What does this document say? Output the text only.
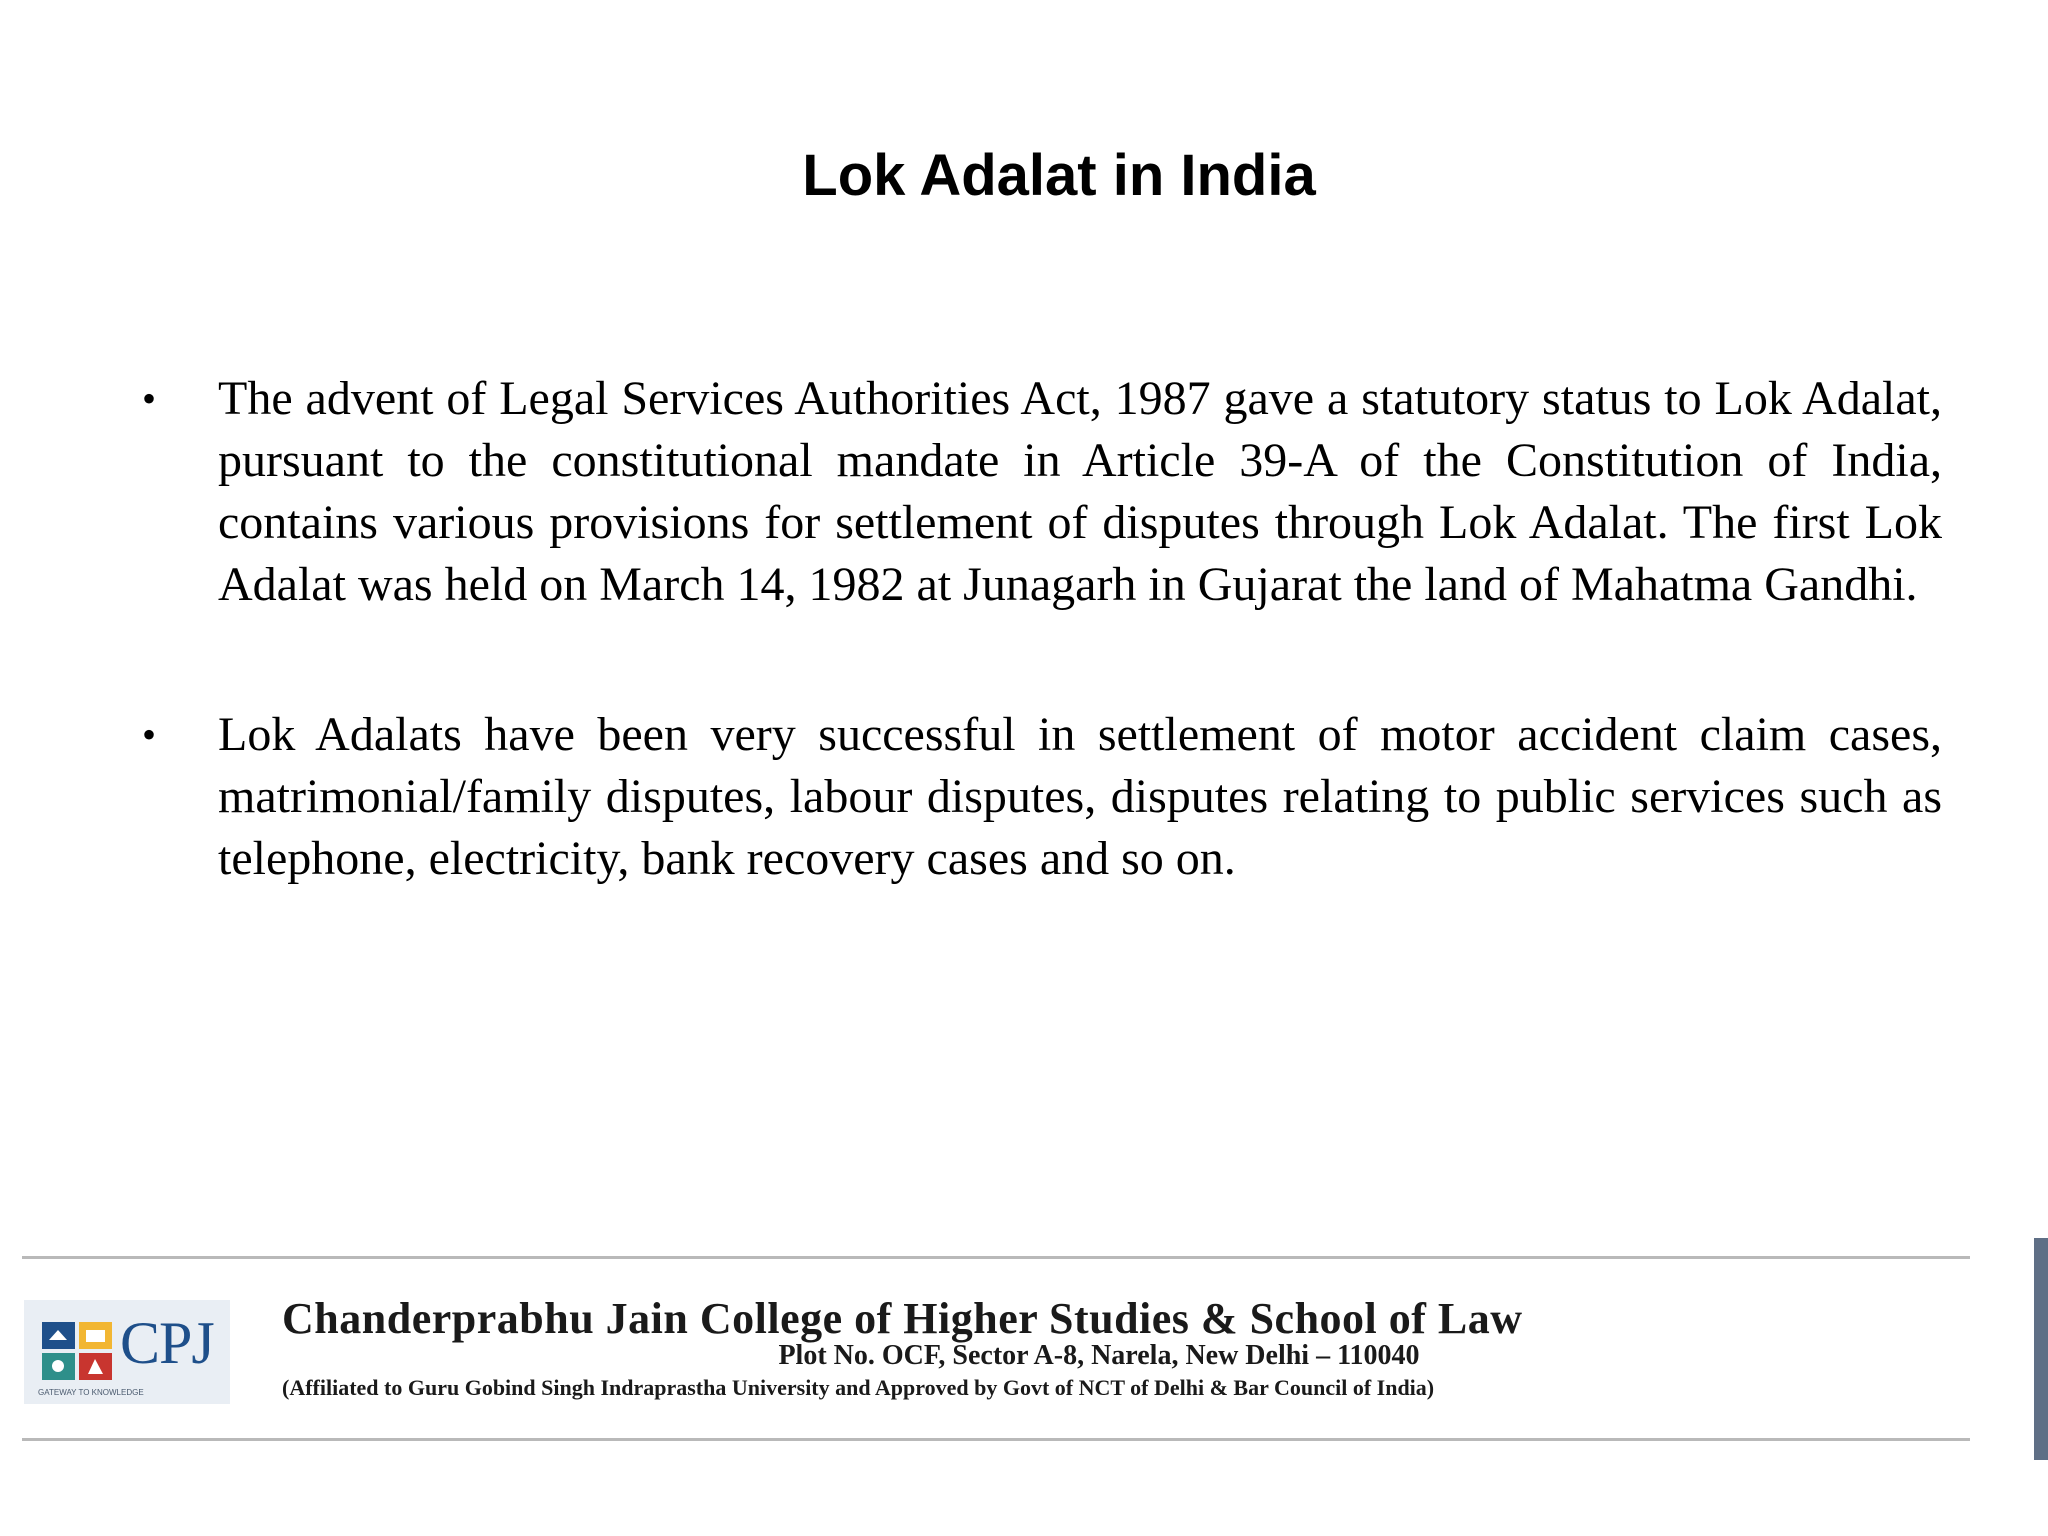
Lok Adalat in India
• The advent of Legal Services Authorities Act, 1987 gave a statutory status to Lok Adalat, pursuant to the constitutional mandate in Article 39-A of the Constitution of India, contains various provisions for settlement of disputes through Lok Adalat. The first Lok Adalat was held on March 14, 1982 at Junagarh in Gujarat the land of Mahatma Gandhi.
• Lok Adalats have been very successful in settlement of motor accident claim cases, matrimonial/family disputes, labour disputes, disputes relating to public services such as telephone, electricity, bank recovery cases and so on.
CPJ
GATEWAY TO KNOWLEDGE
Chanderprabhu Jain College of Higher Studies & School of Law
Plot No. OCF, Sector A-8, Narela, New Delhi – 110040
(Affiliated to Guru Gobind Singh Indraprastha University and Approved by Govt of NCT of Delhi & Bar Council of India)
